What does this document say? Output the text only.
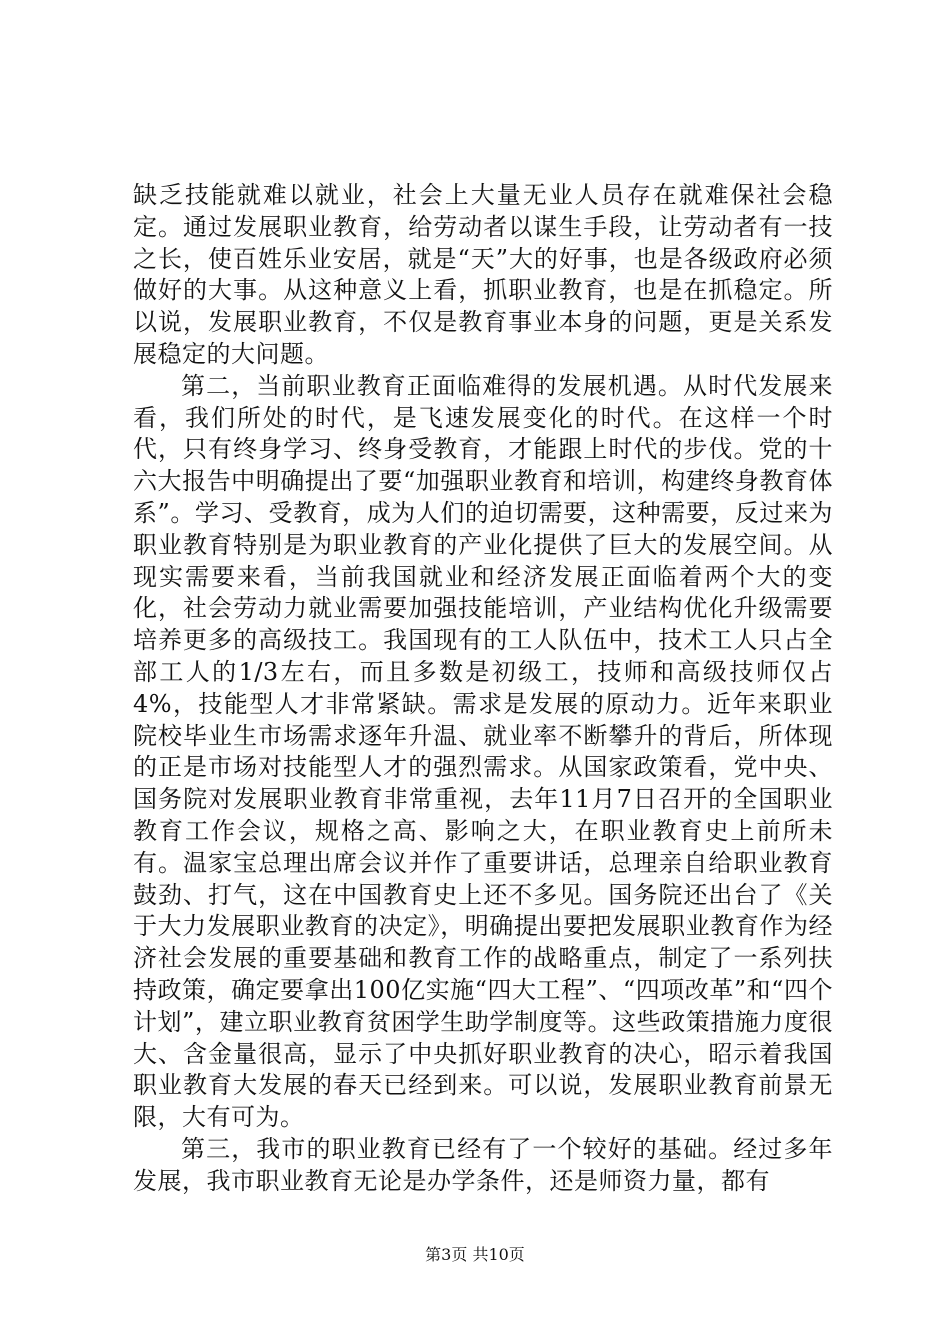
缺乏技能就难以就业，社会上大量无业人员存在就难保社会稳定。通过发展职业教育，给劳动者以谋生手段，让劳动者有一技之长，使百姓乐业安居，就是“天”大的好事，也是各级政府必须做好的大事。从这种意义上看，抓职业教育，也是在抓稳定。所以说，发展职业教育，不仅是教育事业本身的问题，更是关系发展稳定的大问题。

第二，当前职业教育正面临难得的发展机遇。从时代发展来看，我们所处的时代，是飞速发展变化的时代。在这样一个时代，只有终身学习、终身受教育，才能跟上时代的步伐。党的十六大报告中明确提出了要“加强职业教育和培训，构建终身教育体系”。学习、受教育，成为人们的迫切需要，这种需要，反过来为职业教育特别是为职业教育的产业化提供了巨大的发展空间。从现实需要来看，当前我国就业和经济发展正面临着两个大的变化，社会劳动力就业需要加强技能培训，产业结构优化升级需要培养更多的高级技工。我国现有的工人队伍中，技术工人只占全部工人的1/3左右，而且多数是初级工，技师和高级技师仅占4%，技能型人才非常紧缺。需求是发展的原动力。近年来职业院校毕业生市场需求逐年升温、就业率不断攀升的背后，所体现的正是市场对技能型人才的强烈需求。从国家政策看，党中央、国务院对发展职业教育非常重视，去年11月7日召开的全国职业教育工作会议，规格之高、影响之大，在职业教育史上前所未有。温家宝总理出席会议并作了重要讲话，总理亲自给职业教育鼓劲、打气，这在中国教育史上还不多见。国务院还出台了《关于大力发展职业教育的决定》，明确提出要把发展职业教育作为经济社会发展的重要基础和教育工作的战略重点，制定了一系列扶持政策，确定要拿出100亿实施“四大工程”、“四项改革”和“四个计划”，建立职业教育贫困学生助学制度等。这些政策措施力度很大、含金量很高，显示了中央抓好职业教育的决心，昭示着我国职业教育大发展的春天已经到来。可以说，发展职业教育前景无限，大有可为。

第三，我市的职业教育已经有了一个较好的基础。经过多年发展，我市职业教育无论是办学条件，还是师资力量，都有

第3页 共10页
